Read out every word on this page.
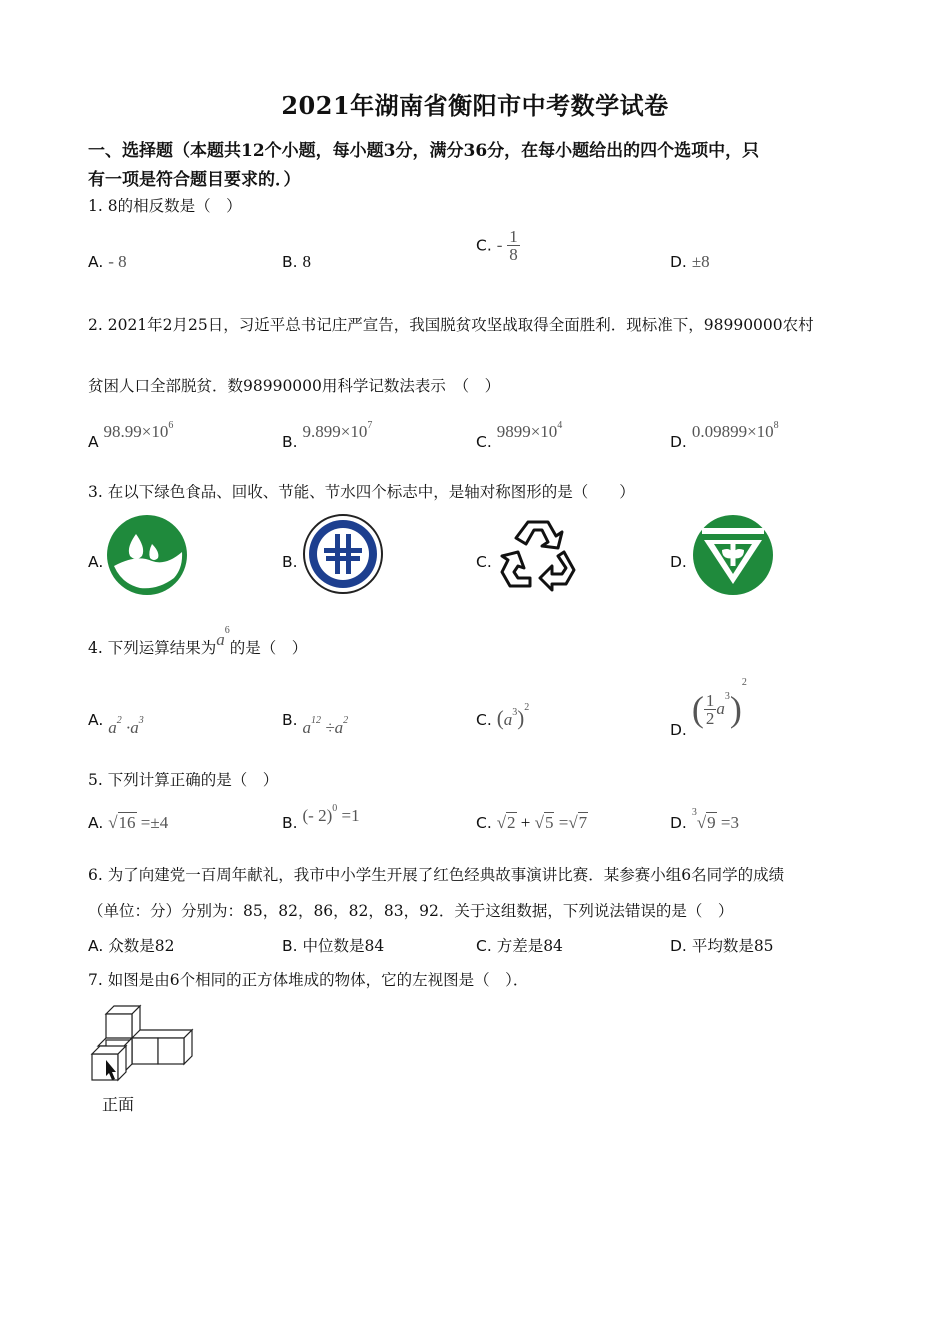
2021年湖南省衡阳市中考数学试卷
一、选择题（本题共12个小题，每小题3分，满分36分，在每小题给出的四个选项中，只
有一项是符合题目要求的．）
1. 8的相反数是（　）
A. - 8	B. 8
C. - $\frac{1}{8}$	D. ±8
2. 2021年2月25日，习近平总书记庄严宣告，我国脱贫攻坚战取得全面胜利．现标准下，98990000农村
贫困人口全部脱贫．数98990000用科学记数法表示　（　）
A $98.99\times 10^6$
B. $9.899\times 10^7$
C. $9899\times 10^4$
D. $0.09899\times 10^8$
3. 在以下绿色食品、回收、节能、节水四个标志中，是轴对称图形的是（　　）
A.	B.	C.	D.
4. 下列运算结果为$a^6$的是（　）
A. $a^2 \cdot a^3$	B. $a^{12} \div a^2$	C. $(a^3)^2$
D. ( $\frac{1}{2} a^3)^2$
5. 下列计算正确的是（　）
A. √16 =±4	B. (- 2)$^0$ =1	C. √2 + √5 =√7	D. $^3$√9 =3
6. 为了向建党一百周年献礼，我市中小学生开展了红色经典故事演讲比赛．某参赛小组6名同学的成绩
（单位：分）分别为：85，82，86，82，83，92．关于这组数据，下列说法错误的是（　）
A. 众数是82	B. 中位数是84	C. 方差是84	D. 平均数是85
7. 如图是由6个相同的正方体堆成的物体，它的左视图是（　）．
正面
